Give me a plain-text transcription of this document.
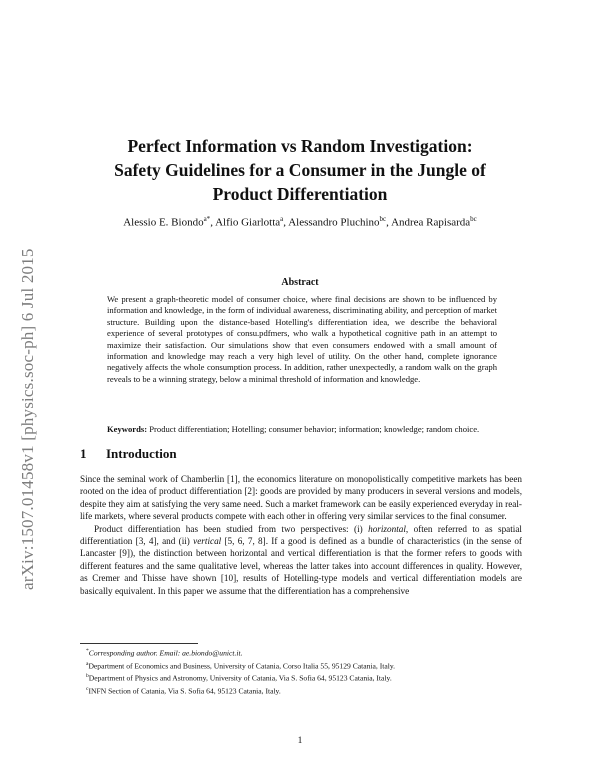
arXiv:1507.01458v1 [physics.soc-ph] 6 Jul 2015
Perfect Information vs Random Investigation:
Safety Guidelines for a Consumer in the Jungle of
Product Differentiation
Alessio E. Biondo$^{a*}$, Alfio Giarlotta$^a$, Alessandro Pluchino$^{bc}$, Andrea Rapisarda$^{bc}$
Abstract
We present a graph-theoretic model of consumer choice, where final decisions are shown to be influenced by information and knowledge, in the form of individual awareness, discriminating ability, and perception of market structure. Building upon the distance-based Hotelling's differentiation idea, we describe the behavioral experience of several prototypes of consu.pdfmers, who walk a hypothetical cognitive path in an attempt to maximize their satisfaction. Our simulations show that even consumers endowed with a small amount of information and knowledge may reach a very high level of utility. On the other hand, complete ignorance negatively affects the whole consumption process. In addition, rather unexpectedly, a random walk on the graph reveals to be a winning strategy, below a minimal threshold of information and knowledge.
Keywords: Product differentiation; Hotelling; consumer behavior; information; knowledge; random choice.
1 Introduction

Since the seminal work of Chamberlin [1], the economics literature on monopolistically competitive markets has been rooted on the idea of product differentiation [2]: goods are provided by many producers in several versions and models, despite they aim at satisfying the very same need. Such a market framework can be easily experienced everyday in real-life markets, where several products compete with each other in offering very similar services to the final consumer.

Product differentiation has been studied from two perspectives: (i) horizontal, often referred to as spatial differentiation [3, 4], and (ii) vertical [5, 6, 7, 8]. If a good is defined as a bundle of characteristics (in the sense of Lancaster [9]), the distinction between horizontal and vertical differentiation is that the former refers to goods with different features and the same qualitative level, whereas the latter takes into account differences in quality. However, as Cremer and Thisse have shown [10], results of Hotelling-type models and vertical differentiation models are basically equivalent. In this paper we assume that the differentiation has a comprehensive

*Corresponding author. Email: ae.biondo@unict.it.
$^a$Department of Economics and Business, University of Catania, Corso Italia 55, 95129 Catania, Italy.
$^b$Department of Physics and Astronomy, University of Catania, Via S. Sofia 64, 95123 Catania, Italy.
$^c$INFN Section of Catania, Via S. Sofia 64, 95123 Catania, Italy.
1
